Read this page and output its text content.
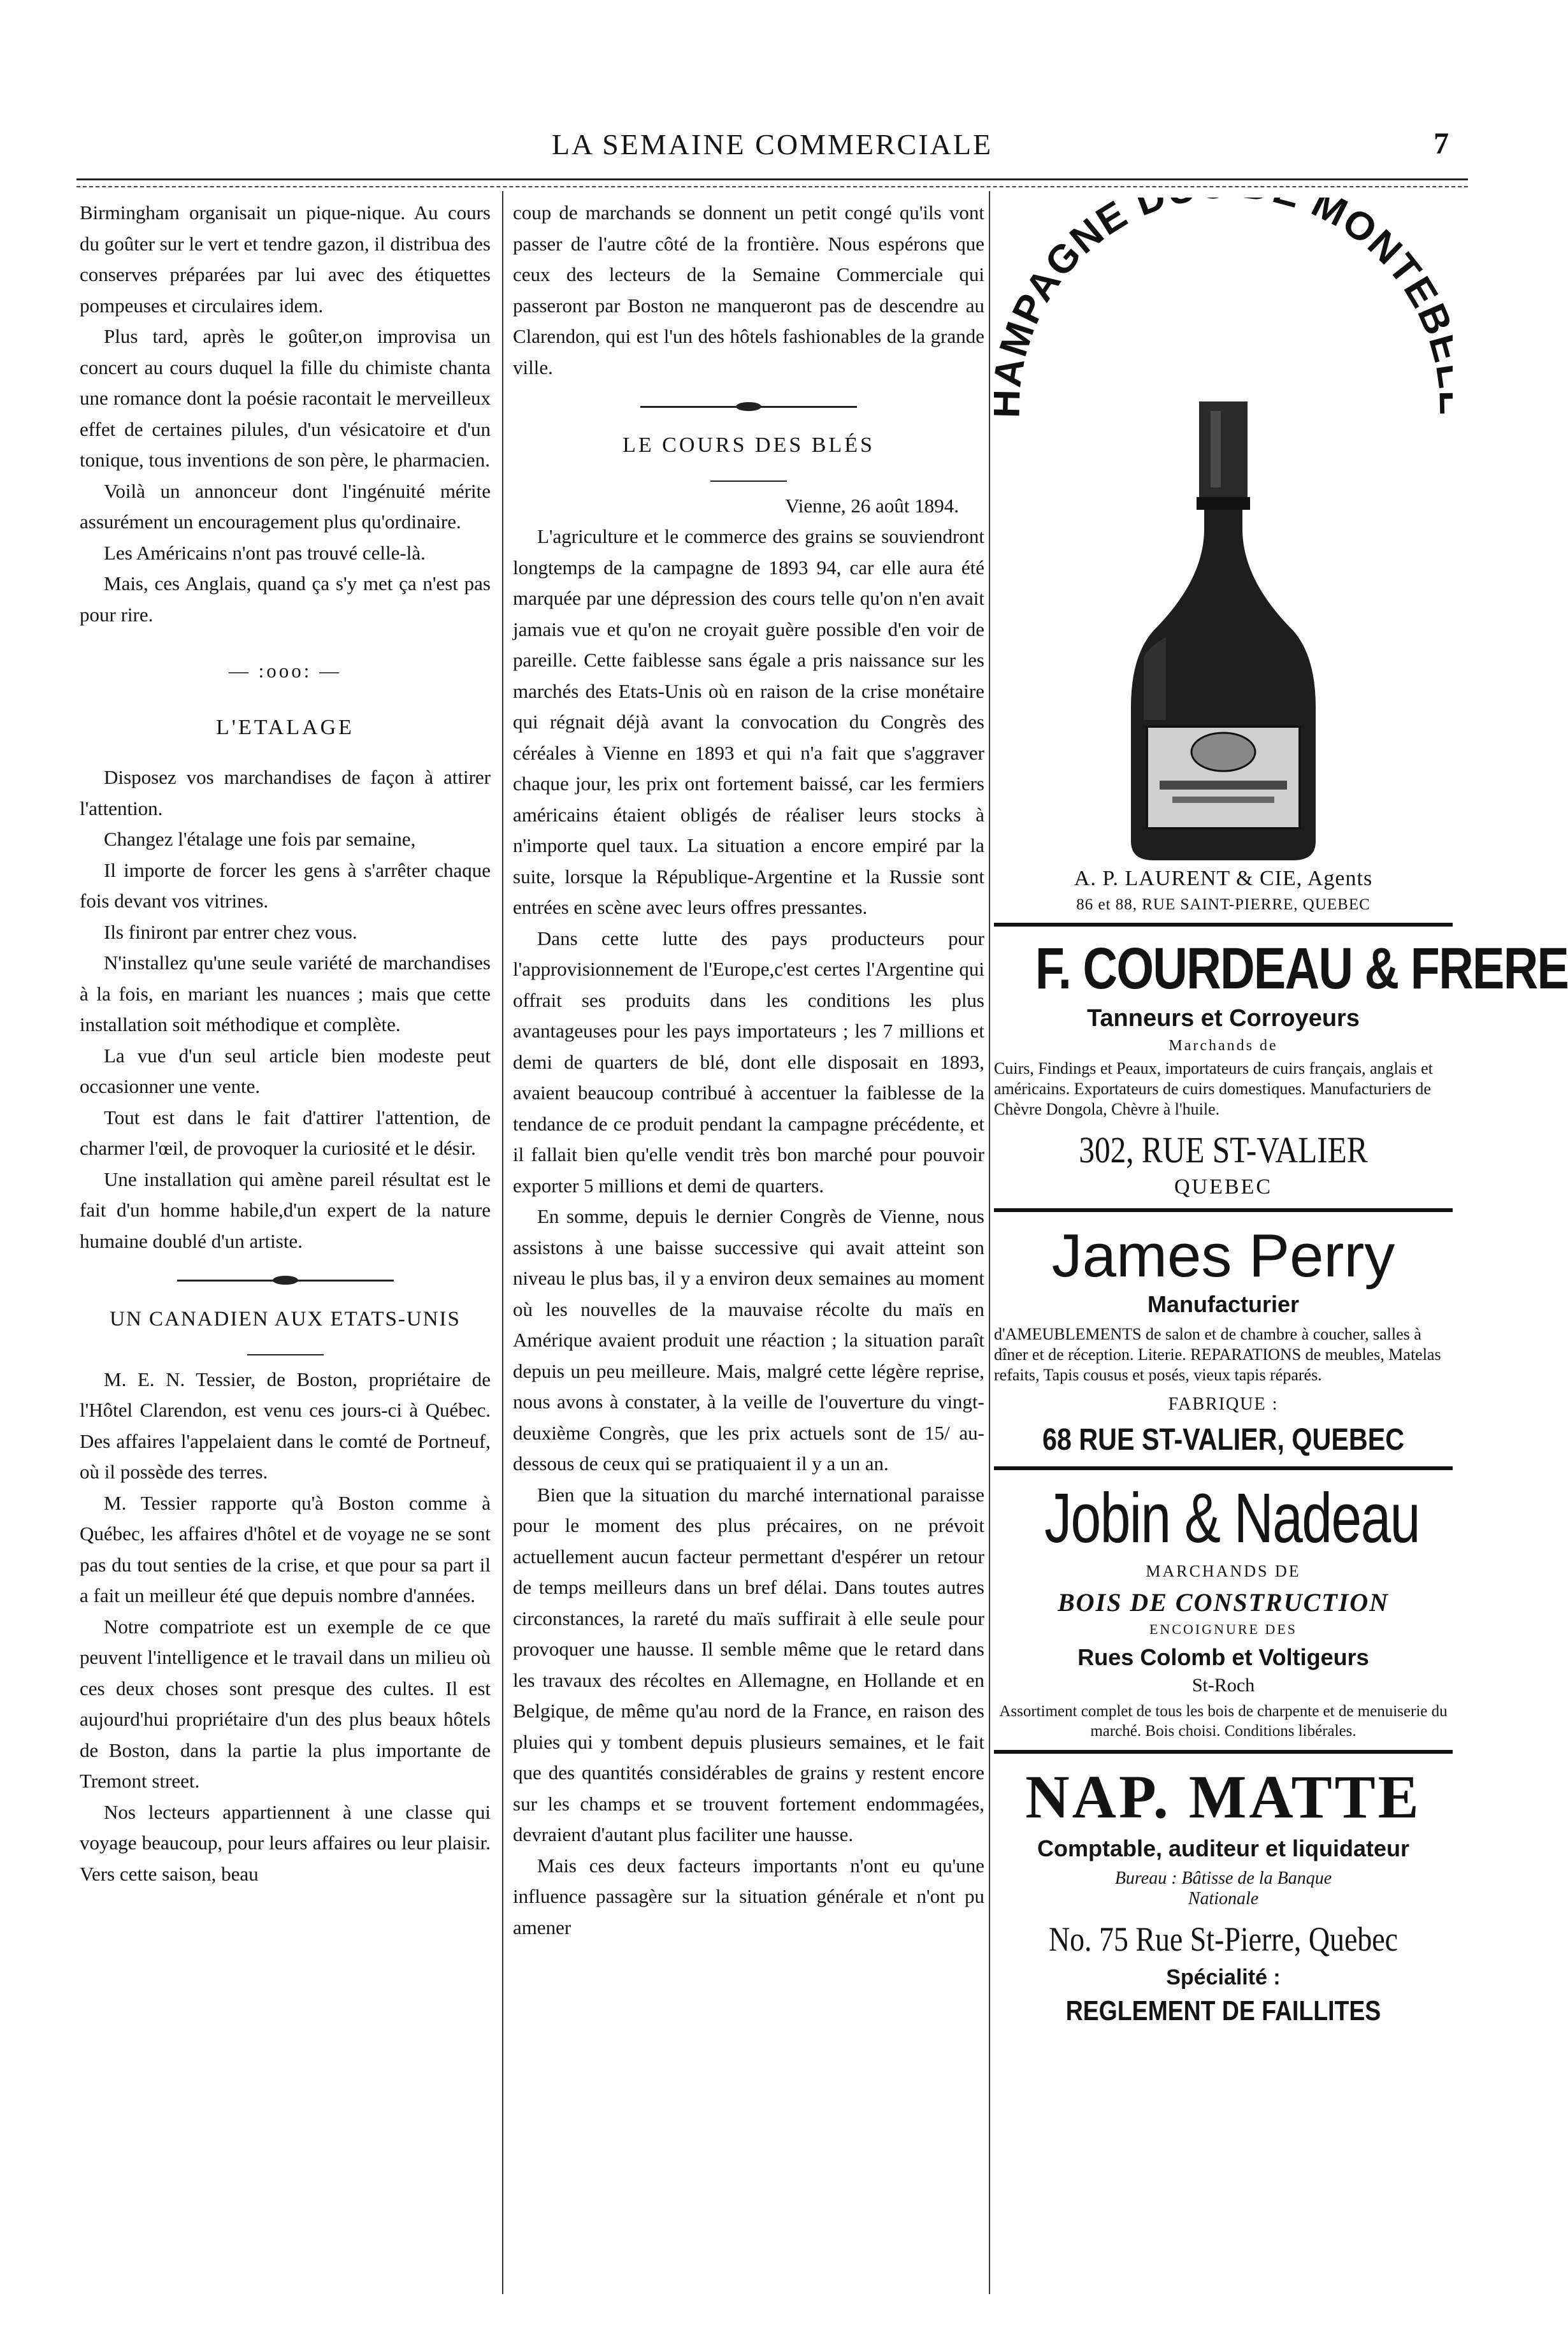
LA SEMAINE COMMERCIALE	7

Birmingham organisait un pique-nique. Au cours du goûter sur le vert et tendre gazon, il distribua des conserves préparées par lui avec des étiquettes pompeuses et circulaires idem.

Plus tard, après le goûter,on improvisa un concert au cours duquel la fille du chimiste chanta une romance dont la poésie racontait le merveilleux effet de certaines pilules, d'un vésicatoire et d'un tonique, tous inventions de son père, le pharmacien.

Voilà un annonceur dont l'ingénuité mérite assurément un encouragement plus qu'ordinaire.

Les Américains n'ont pas trouvé celle-là.

Mais, ces Anglais, quand ça s'y met ça n'est pas pour rire.

— :ooo: —
L'ETALAGE

Disposez vos marchandises de façon à attirer l'attention.

Changez l'étalage une fois par semaine,

Il importe de forcer les gens à s'arrêter chaque fois devant vos vitrines.

Ils finiront par entrer chez vous.

N'installez qu'une seule variété de marchandises à la fois, en mariant les nuances ; mais que cette installation soit méthodique et complète.

La vue d'un seul article bien modeste peut occasionner une vente.

Tout est dans le fait d'attirer l'attention, de charmer l'œil, de provoquer la curiosité et le désir.

Une installation qui amène pareil résultat est le fait d'un homme habile,d'un expert de la nature humaine doublé d'un artiste.

UN CANADIEN AUX ETATS-UNIS

M. E. N. Tessier, de Boston, propriétaire de l'Hôtel Clarendon, est venu ces jours-ci à Québec. Des affaires l'appelaient dans le comté de Portneuf, où il possède des terres.

M. Tessier rapporte qu'à Boston comme à Québec, les affaires d'hôtel et de voyage ne se sont pas du tout senties de la crise, et que pour sa part il a fait un meilleur été que depuis nombre d'années.

Notre compatriote est un exemple de ce que peuvent l'intelligence et le travail dans un milieu où ces deux choses sont presque des cultes. Il est aujourd'hui propriétaire d'un des plus beaux hôtels de Boston, dans la partie la plus importante de Tremont street.

Nos lecteurs appartiennent à une classe qui voyage beaucoup, pour leurs affaires ou leur plaisir. Vers cette saison, beau

coup de marchands se donnent un petit congé qu'ils vont passer de l'autre côté de la frontière. Nous espérons que ceux des lecteurs de la Semaine Commerciale qui passeront par Boston ne manqueront pas de descendre au Clarendon, qui est l'un des hôtels fashionables de la grande ville.

LE COURS DES BLÉS

Vienne, 26 août 1894.

L'agriculture et le commerce des grains se souviendront longtemps de la campagne de 1893 94, car elle aura été marquée par une dépression des cours telle qu'on n'en avait jamais vue et qu'on ne croyait guère possible d'en voir de pareille. Cette faiblesse sans égale a pris naissance sur les marchés des Etats-Unis où en raison de la crise monétaire qui régnait déjà avant la convocation du Congrès des céréales à Vienne en 1893 et qui n'a fait que s'aggraver chaque jour, les prix ont fortement baissé, car les fermiers américains étaient obligés de réaliser leurs stocks à n'importe quel taux. La situation a encore empiré par la suite, lorsque la République-Argentine et la Russie sont entrées en scène avec leurs offres pressantes.

Dans cette lutte des pays producteurs pour l'approvisionnement de l'Europe,c'est certes l'Argentine qui offrait ses produits dans les conditions les plus avantageuses pour les pays importateurs ; les 7 millions et demi de quarters de blé, dont elle disposait en 1893, avaient beaucoup contribué à accentuer la faiblesse de la tendance de ce produit pendant la campagne précédente, et il fallait bien qu'elle vendit très bon marché pour pouvoir exporter 5 millions et demi de quarters.

En somme, depuis le dernier Congrès de Vienne, nous assistons à une baisse successive qui avait atteint son niveau le plus bas, il y a environ deux semaines au moment où les nouvelles de la mauvaise récolte du maïs en Amérique avaient produit une réaction ; la situation paraît depuis un peu meilleure. Mais, malgré cette légère reprise, nous avons à constater, à la veille de l'ouverture du vingt-deuxième Congrès, que les prix actuels sont de 15/ au-dessous de ceux qui se pratiquaient il y a un an.

Bien que la situation du marché international paraisse pour le moment des plus précaires, on ne prévoit actuellement aucun facteur permettant d'espérer un retour de temps meilleurs dans un bref délai. Dans toutes autres circonstances, la rareté du maïs suffirait à elle seule pour provoquer une hausse. Il semble même que le retard dans les travaux des récoltes en Allemagne, en Hollande et en Belgique, de même qu'au nord de la France, en raison des pluies qui y tombent depuis plusieurs semaines, et le fait que des quantités considérables de grains y restent encore sur les champs et se trouvent fortement endommagées, devraient d'autant plus faciliter une hausse.

Mais ces deux facteurs importants n'ont eu qu'une influence passagère sur la situation générale et n'ont pu amener

MPAGNE D MONTE
A. P. LAURENT & CIE, Agents
86 et 88, RUE SAINT-PIERRE, QUEBEC
F. COURDEAU & FRERE
Tanneurs et Corroyeurs
Marchands de
Cuirs, Findings et Peaux, importateurs de cuirs français, anglais et américains. Exportateurs de cuirs domestiques. Manufacturiers de Chèvre Dongola, Chèvre à l'huile.
302, RUE ST-VALIER
QUEBEC
James Perry
Manufacturier
d'AMEUBLEMENTS de salon et de chambre à coucher, salles à dîner et de réception. Literie. REPARATIONS de meubles, Matelas refaits, Tapis cousus et posés, vieux tapis réparés.
FABRIQUE :
68 RUE ST-VALIER, QUEBEC
Jobin & Nadeau
MARCHANDS DE
BOIS DE CONSTRUCTION
ENCOIGNURE DES
Rues Colomb et Voltigeurs
St-Roch
Assortiment complet de tous les bois de charpente et de menuiserie du marché. Bois choisi. Conditions libérales.
NAP. MATTE
Comptable, auditeur et liquidateur
Bureau : Bâtisse de la Banque Nationale
No. 75 Rue St-Pierre, Quebec
Spécialité :
REGLEMENT DE FAILLITES
